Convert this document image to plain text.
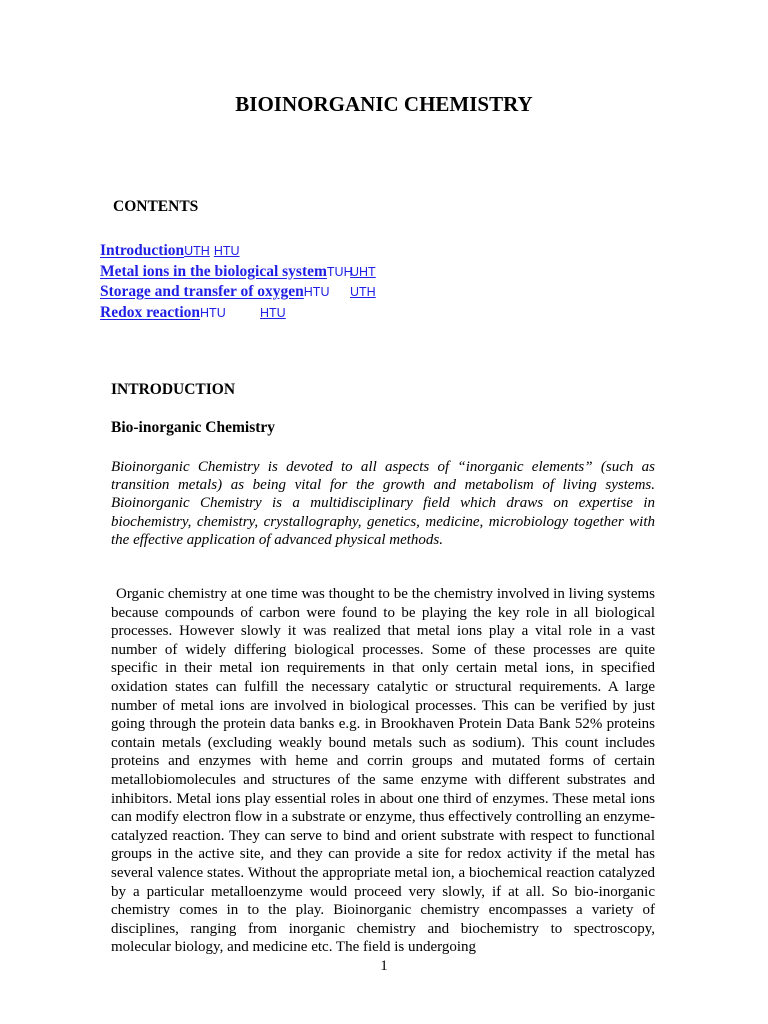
BIOINORGANIC CHEMISTRY
CONTENTS
IntroductionUTH HTU
Metal ions in the biological systemTUH
UHT
Storage and transfer of oxygenHTU UTH
Redox reactionHTU	HTU
INTRODUCTION
Bio-inorganic Chemistry

Bioinorganic Chemistry is devoted to all aspects of “inorganic elements” (such as transition metals) as being vital for the growth and metabolism of living systems. Bioinorganic Chemistry is a multidisciplinary field which draws on expertise in biochemistry, chemistry, crystallography, genetics, medicine, microbiology together with the effective application of advanced physical methods.

Organic chemistry at one time was thought to be the chemistry involved in living systems because compounds of carbon were found to be playing the key role in all biological processes. However slowly it was realized that metal ions play a vital role in a vast number of widely differing biological processes. Some of these processes are quite specific in their metal ion requirements in that only certain metal ions, in specified oxidation states can fulfill the necessary catalytic or structural requirements. A large number of metal ions are involved in biological processes. This can be verified by just going through the protein data banks e.g. in Brookhaven Protein Data Bank 52% proteins contain metals (excluding weakly bound metals such as sodium). This count includes proteins and enzymes with heme and corrin groups and mutated forms of certain metallobiomolecules and structures of the same enzyme with different substrates and inhibitors. Metal ions play essential roles in about one third of enzymes. These metal ions can modify electron flow in a substrate or enzyme, thus effectively controlling an enzyme-catalyzed reaction. They can serve to bind and orient substrate with respect to functional groups in the active site, and they can provide a site for redox activity if the metal has several valence states. Without the appropriate metal ion, a biochemical reaction catalyzed by a particular metalloenzyme would proceed very slowly, if at all. So bio-inorganic chemistry comes in to the play. Bioinorganic chemistry encompasses a variety of disciplines, ranging from inorganic chemistry and biochemistry to spectroscopy, molecular biology, and medicine etc. The field is undergoing

1
